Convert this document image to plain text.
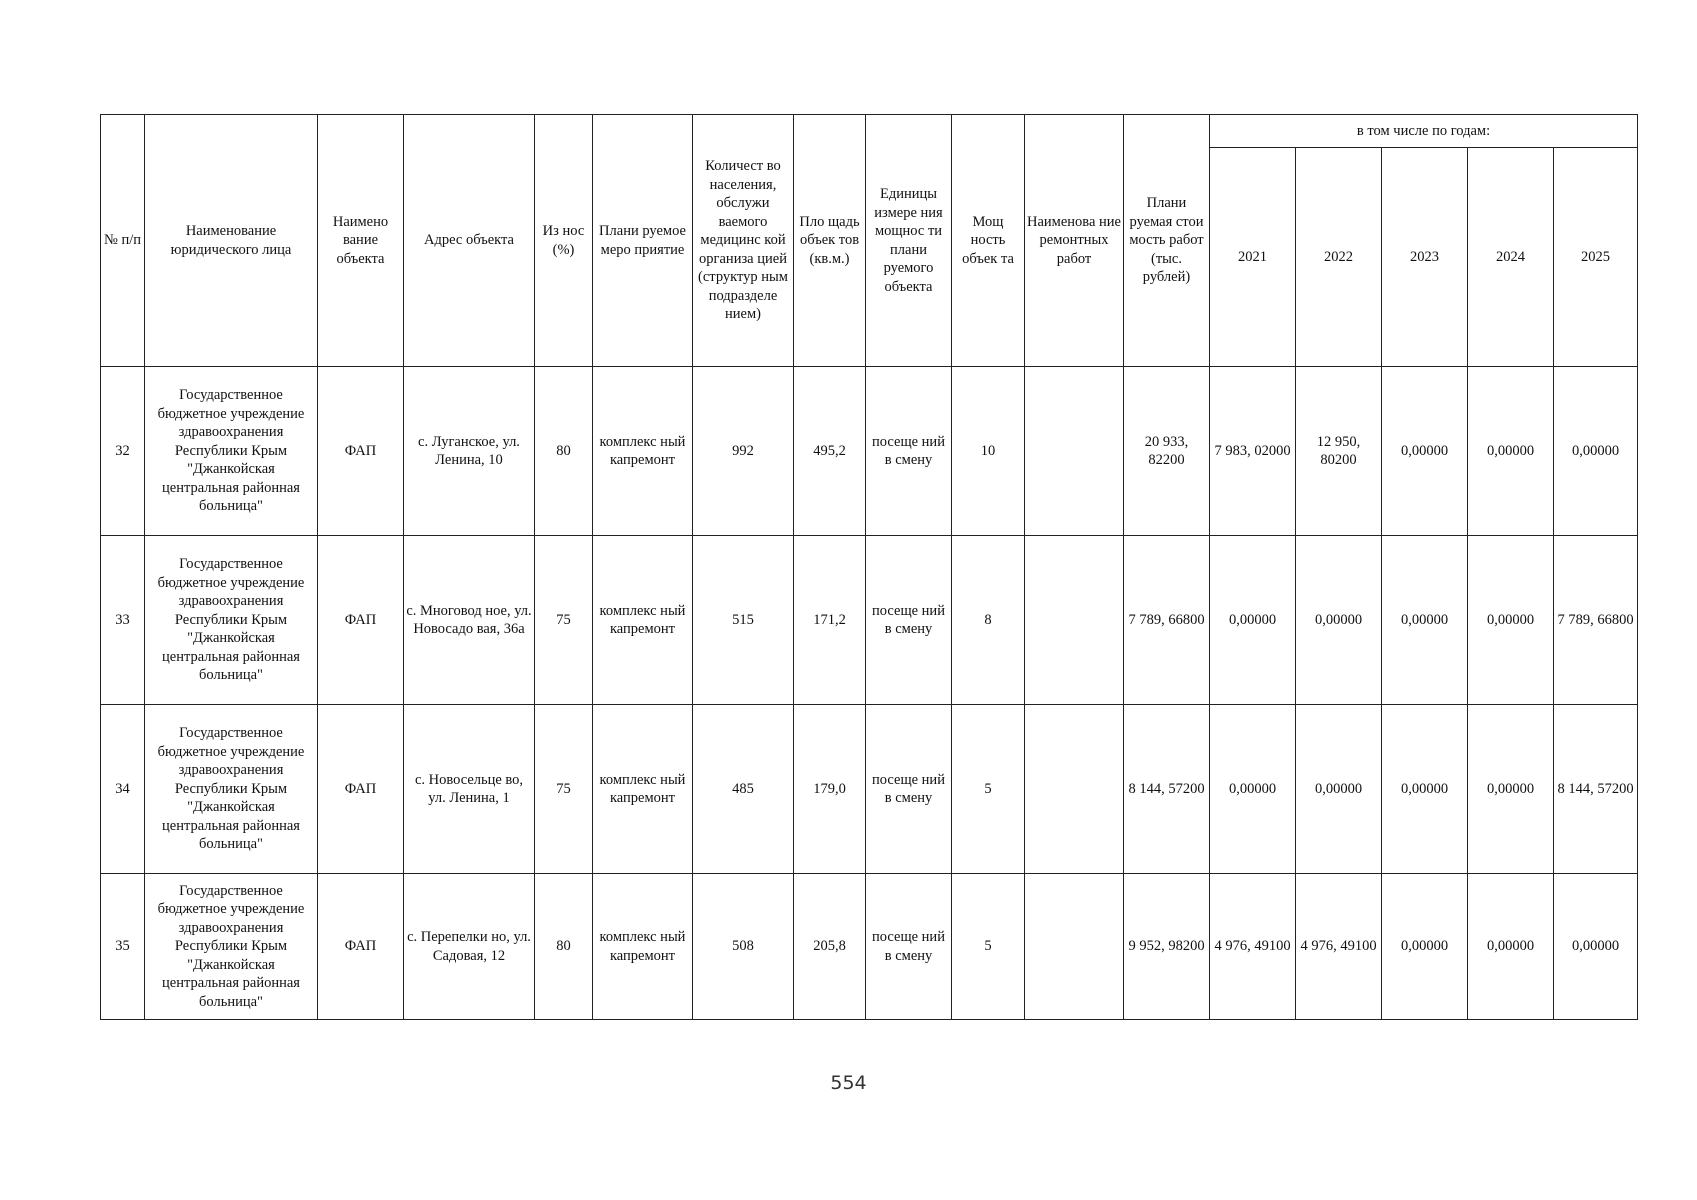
№ п/п	Наименование юридического лица	Наимено вание объекта	Адрес объекта	Из нос (%)	Плани руемое меро приятие	Количест во населения, обслужи ваемого медицинс кой организа цией (структур ным подразделе нием)	Пло щадь объек тов (кв.м.)	Единицы измере ния мощнос ти плани руемого объекта	Мощ ность объек та	Наименова ние ремонтных работ	Плани руемая стои мость работ (тыс. рублей)	в том числе по годам:				
												2021	2022	2023	2024	2025
32	Государственное бюджетное учреждение здравоохранения Республики Крым "Джанкойская центральная районная больница"	ФАП	с. Луганское, ул. Ленина, 10	80	комплекс ный капремонт	992	495,2	посеще ний в смену	10		20 933, 82200	7 983, 02000	12 950, 80200	0,00000	0,00000	0,00000
33	Государственное бюджетное учреждение здравоохранения Республики Крым "Джанкойская центральная районная больница"	ФАП	с. Многовод ное, ул. Новосадо вая, 36а	75	комплекс ный капремонт	515	171,2	посеще ний в смену	8		7 789, 66800	0,00000	0,00000	0,00000	0,00000	7 789, 66800
34	Государственное бюджетное учреждение здравоохранения Республики Крым "Джанкойская центральная районная больница"	ФАП	с. Новосельце во, ул. Ленина, 1	75	комплекс ный капремонт	485	179,0	посеще ний в смену	5		8 144, 57200	0,00000	0,00000	0,00000	0,00000	8 144, 57200
35	Государственное бюджетное учреждение здравоохранения Республики Крым "Джанкойская центральная районная больница"	ФАП	с. Перепелки но, ул. Садовая, 12	80	комплекс ный капремонт	508	205,8	посеще ний в смену	5		9 952, 98200	4 976, 49100	4 976, 49100	0,00000	0,00000	0,00000
554
